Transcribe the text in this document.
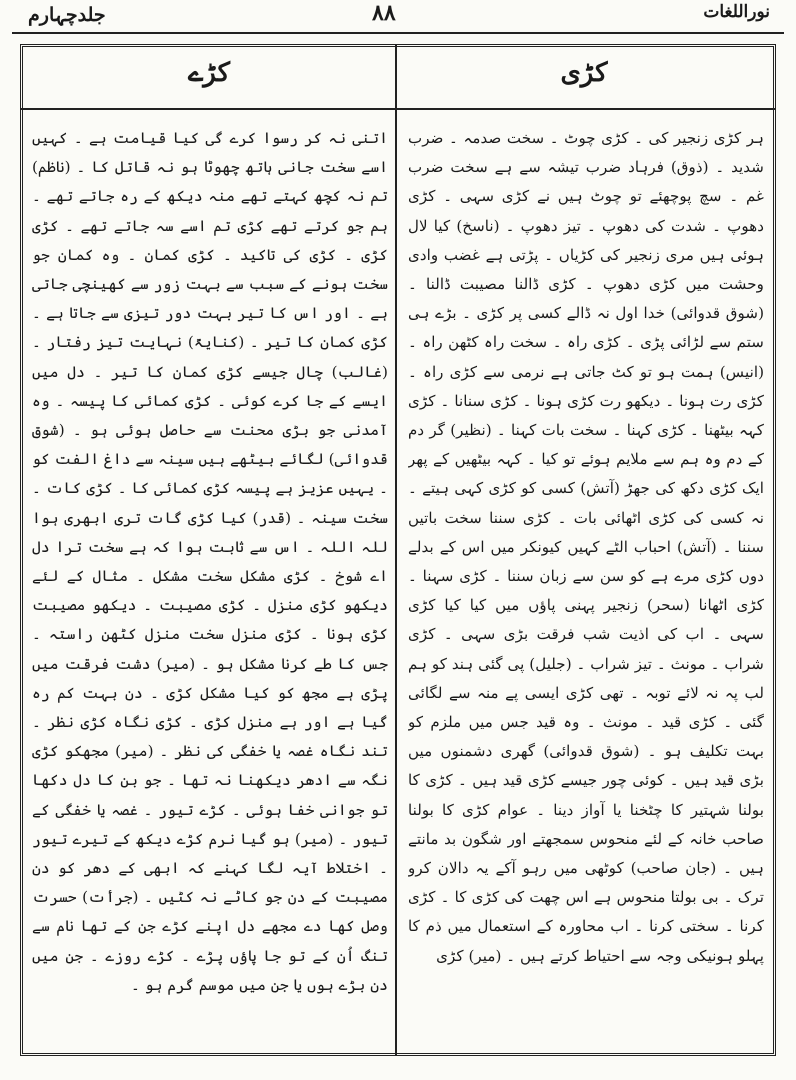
جلدچہارم	۸۸	نوراللغات
کڑی
کڑے

ہر کڑی زنجیر کی ۔ کڑی چوٹ ۔ سخت صدمہ ۔ ضرب شدید ۔ (ذوق) فرہاد ضرب تیشہ سے ہے سخت ضرب غم ۔ سچ پوچھئے تو چوٹ ہیں نے کڑی سہی ۔ کڑی دھوپ ۔ شدت کی دھوپ ۔ تیز دھوپ ۔ (ناسخ) کیا لال ہوئی ہیں مری زنجیر کی کڑیاں ۔ پڑتی ہے غضب وادی وحشت میں کڑی دھوپ ۔ کڑی ڈالنا مصیبت ڈالنا ۔ (شوق قدوائی) خدا اول نہ ڈالے کسی پر کڑی ۔ بڑے ہی ستم سے لڑائی پڑی ۔ کڑی راہ ۔ سخت راہ کٹھن راہ ۔ (انیس) ہمت ہو تو کٹ جاتی ہے نرمی سے کڑی راہ ۔ کڑی رت ہونا ۔ دیکھو رت کڑی ہونا ۔ کڑی سنانا ۔ کڑی کہہ بیٹھنا ۔ کڑی کہنا ۔ سخت بات کہنا ۔ (نظیر) گر دم کے دم وہ ہم سے ملایم ہوئے تو کیا ۔ کہہ بیٹھیں کے پھر ایک کڑی دکھ کی جھڑ (آتش) کسی کو کڑی کہی ہیتے ۔ نہ کسی کی کڑی اٹھائی بات ۔ کڑی سننا سخت باتیں سننا ۔ (آتش) احباب الٹے کہیں کیونکر میں اس کے بدلے دوں کڑی مرے ہے کو سن سے زبان سننا ۔ کڑی سہنا ۔ کڑی اٹھانا (سحر) زنجیر پہنی پاؤں میں کیا کیا کڑی سہی ۔ اب کی اذیت شب فرقت بڑی سہی ۔ کڑی شراب ۔ مونث ۔ تیز شراب ۔ (جلیل) پی گئی ہند کو ہم لب پہ نہ لائے توبہ ۔ تھی کڑی ایسی پے منہ سے لگائی گئی ۔ کڑی قید ۔ مونث ۔ وہ قید جس میں ملزم کو بہت تکلیف ہو ۔ (شوق قدوائی) گھری دشمنوں میں بڑی قید ہیں ۔ کوئی چور جیسے کڑی قید ہیں ۔ کڑی کا بولنا شہتیر کا چٹخنا یا آواز دینا ۔ عوام کڑی کا بولنا صاحب خانہ کے لئے منحوس سمجھتے اور شگون بد مانتے ہیں ۔ (جان صاحب) کوٹھی میں رہو آکے یہ دالان کرو ترک ۔ بی بولتا منحوس ہے اس چھت کی کڑی کا ۔ کڑی کرنا ۔ سختی کرنا ۔ اب محاورہ کے استعمال میں ذم کا پہلو ہونیکی وجہ سے احتیاط کرتے ہیں ۔ (میر) کڑی

اتنی نہ کر رسوا کرے گی کیا قیامت ہے ۔ کہیں اسے سخت جانی ہاتھ چھوٹا ہو نہ قاتل کا ۔ (ناظم) تم نہ کچھ کہتے تھے منہ دیکھ کے رہ جاتے تھے ۔ ہم جو کرتے تھے کڑی تم اسے سہ جاتے تھے ۔ کڑی کڑی ۔ کڑی کی تاکید ۔ کڑی کمان ۔ وہ کمان جو سخت ہونے کے سبب سے بہت زور سے کھینچی جاتی ہے ۔ اور اس کا تیر بہت دور تیزی سے جاتا ہے ۔ کڑی کمان کا تیر ۔ (کنایۃً) نہایت تیز رفتار ۔ (غالب) چال جیسے کڑی کمان کا تیر ۔ دل میں ایسے کے جا کرے کوئی ۔ کڑی کمائی کا پیسہ ۔ وہ آمدنی جو بڑی محنت سے حاصل ہوئی ہو ۔ (شوق قدوائی) لگائے بیٹھے ہیں سینہ سے داغ الفت کو ۔ یہیں عزیز ہے پیسہ کڑی کمائی کا ۔ کڑی کات ۔ سخت سینہ ۔ (قدر) کیا کڑی گات تری ابھری ہوا للہ اللہ ۔ اس سے ثابت ہوا کہ ہے سخت ترا دل اے شوخ ۔ کڑی مشکل سخت مشکل ۔ مثال کے لئے دیکھو کڑی منزل ۔ کڑی مصیبت ۔ دیکھو مصیبت کڑی ہونا ۔ کڑی منزل سخت منزل کٹھن راستہ ۔ جس کا طے کرنا مشکل ہو ۔ (میر) دشت فرقت میں پڑی ہے مجھ کو کیا مشکل کڑی ۔ دن بہت کم رہ گیا ہے اور ہے منزل کڑی ۔ کڑی نگاہ کڑی نظر ۔ تند نگاہ غصہ یا خفگی کی نظر ۔ (میر) مجھکو کڑی نگہ سے ادھر دیکھنا نہ تھا ۔ جو بن کا دل دکھا تو جوانی خفا ہوئی ۔ کڑے تیور ۔ غصہ یا خفگی کے تیور ۔ (میر) ہو گیا نرم کڑے دیکھ کے تیرے تیور ۔ اختلاط آیہ لگا کہنے کہ ابھی کے دھر کو دن مصیبت کے دن جو کاٹے نہ کٹیں ۔ (جرأت) حسرت وصل کھا دے مجھے دل اپنے کڑے جن کے تھا نام سے تنگ اُن کے تو جا پاؤں پڑے ۔ کڑے روزے ۔ جن میں دن بڑے ہوں یا جن میں موسم گرم ہو ۔
